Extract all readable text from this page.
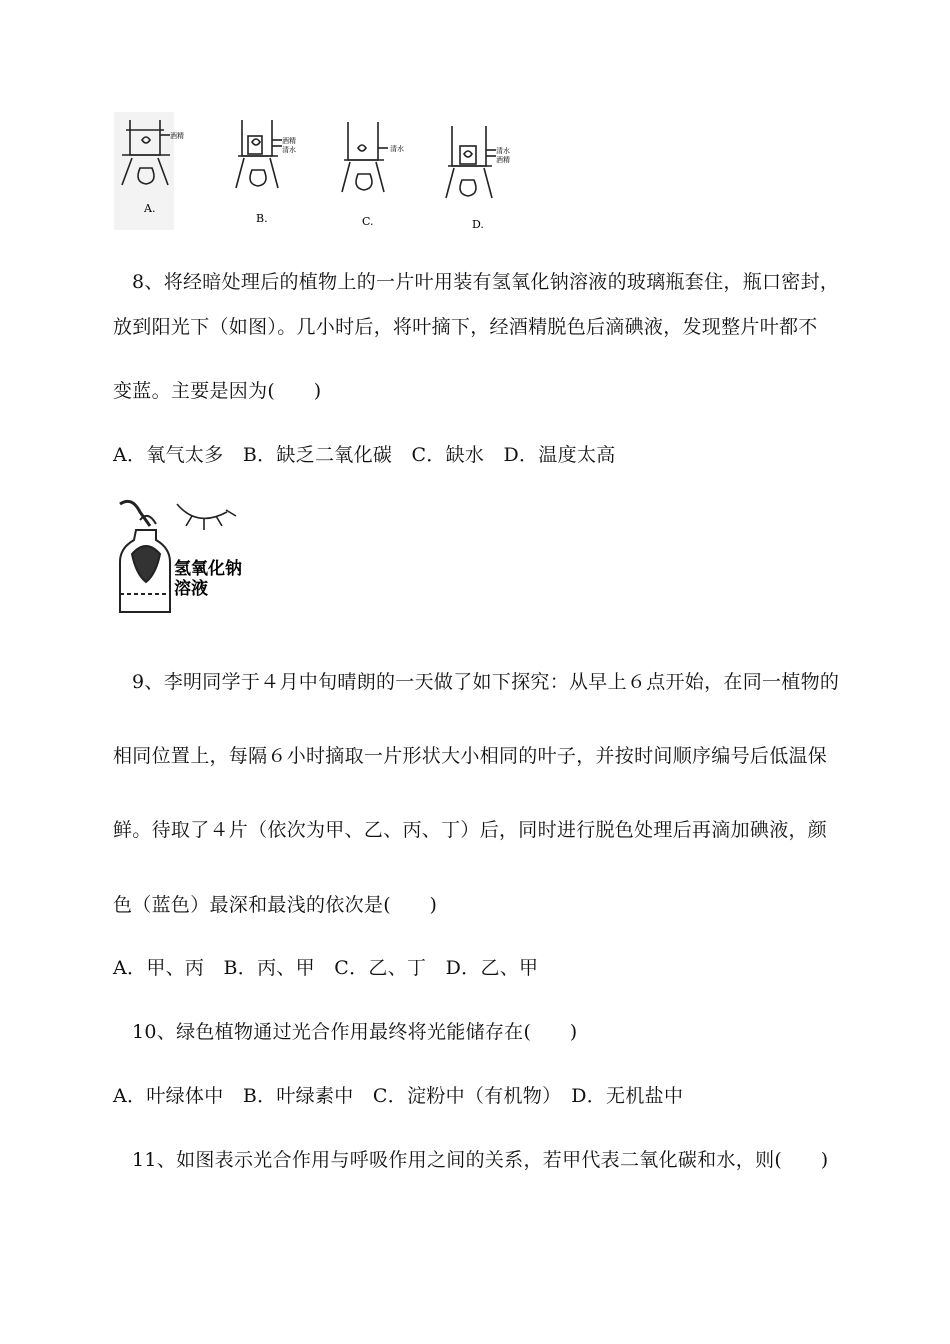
酒精
A.
酒精
清水
B.
清水
C.
清水
酒精
D.
8、将经暗处理后的植物上的一片叶用装有氢氧化钠溶液的玻璃瓶套住，瓶口密封，
放到阳光下（如图）。几小时后，将叶摘下，经酒精脱色后滴碘液，发现整片叶都不
变蓝。主要是因为(　　)
A．氧气太多　B．缺乏二氧化碳　C．缺水　D．温度太高
氢氧化钠
溶液
9、李明同学于４月中旬晴朗的一天做了如下探究：从早上６点开始，在同一植物的
相同位置上，每隔６小时摘取一片形状大小相同的叶子，并按时间顺序编号后低温保
鲜。待取了４片（依次为甲、乙、丙、丁）后，同时进行脱色处理后再滴加碘液，颜
色（蓝色）最深和最浅的依次是(　　)
A．甲、丙　B．丙、甲　C．乙、丁　D．乙、甲
10、绿色植物通过光合作用最终将光能储存在(　　)
A．叶绿体中　B．叶绿素中　C．淀粉中（有机物）　D．无机盐中
11、如图表示光合作用与呼吸作用之间的关系，若甲代表二氧化碳和水，则(　　)
